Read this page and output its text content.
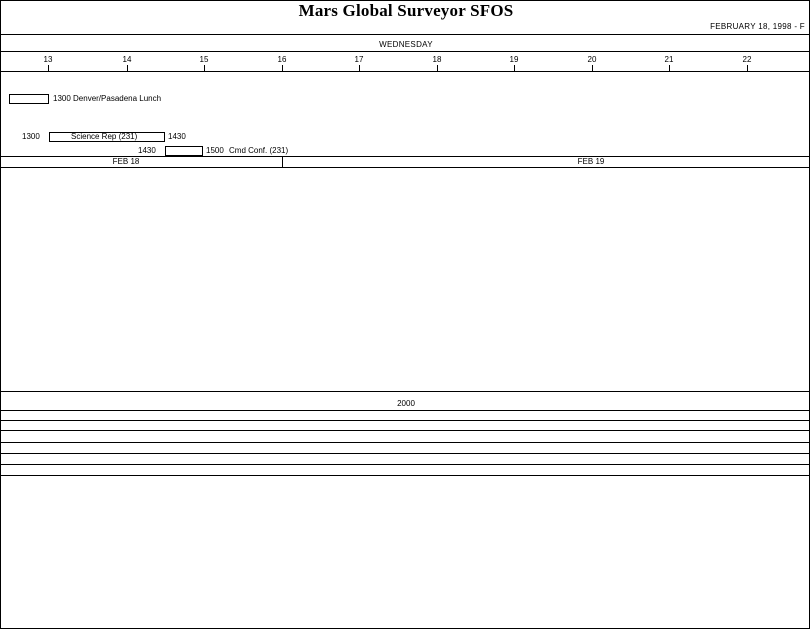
Mars Global Surveyor SFOS
FEBRUARY 18, 1998 - F
WEDNESDAY
13	14	15	16	17	18	19	20	21	22
1300 Denver/Pasadena Lunch
1300	Science Rep (231)	1430
1430	1500 Cmd Conf. (231)
FEB 18	FEB 19
2000
